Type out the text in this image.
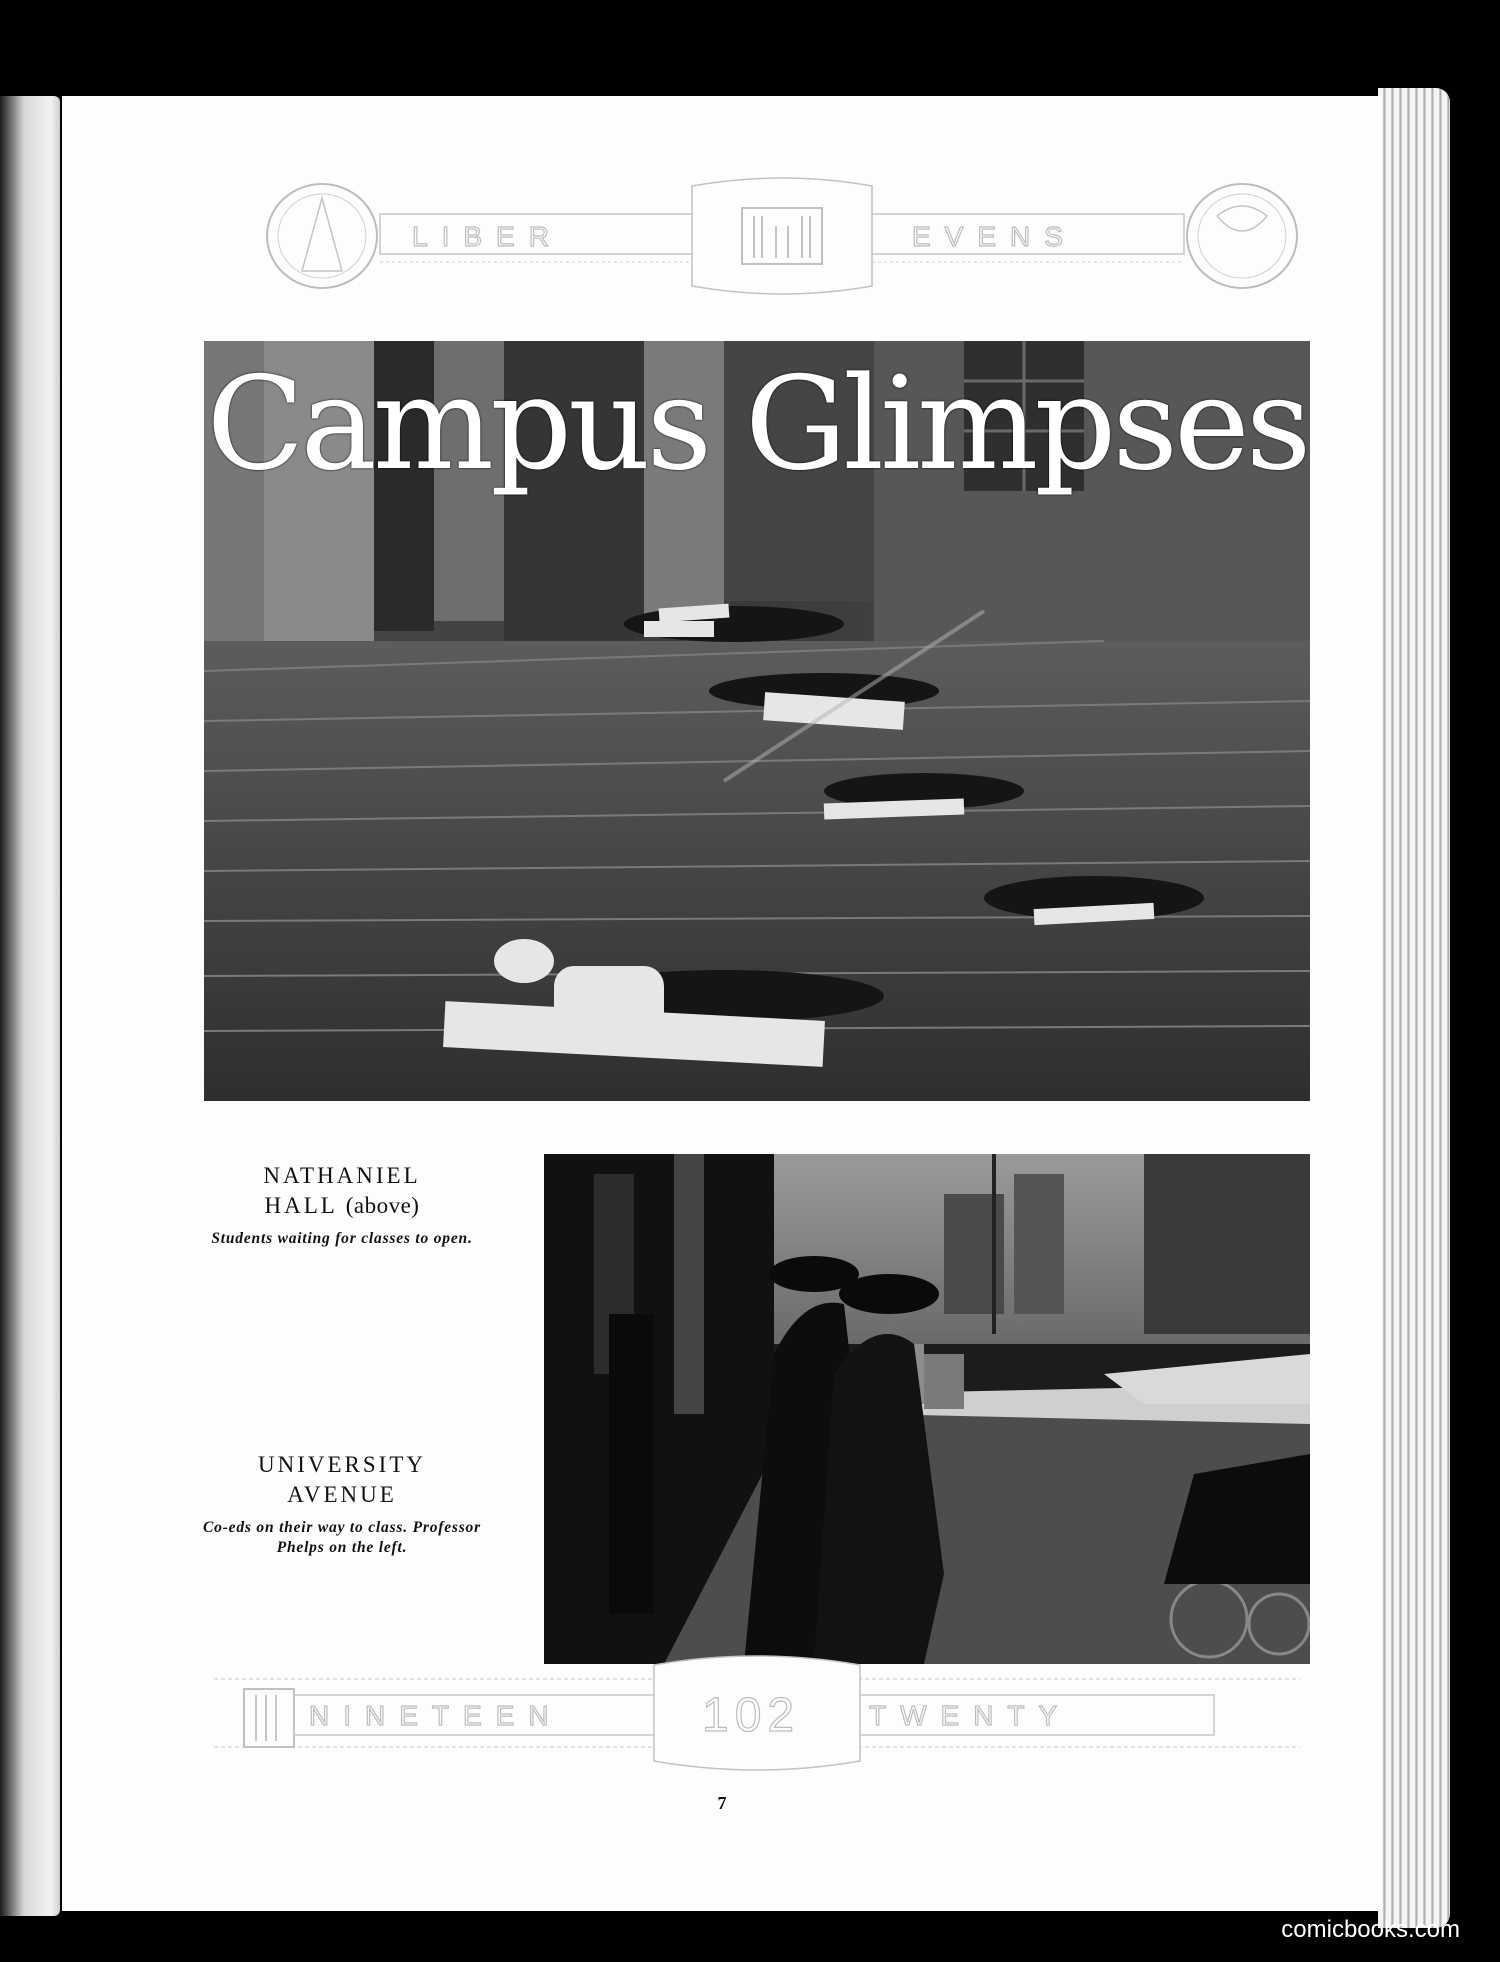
LIBER	EVENS
Campus Glimpses
NATHANIEL
HALL (above)
Students waiting for classes to open.
UNIVERSITY
AVENUE
Co-eds on their way to class. Professor Phelps on the left.
NINETEEN	102 TWENTY
7
comicbooks.com
